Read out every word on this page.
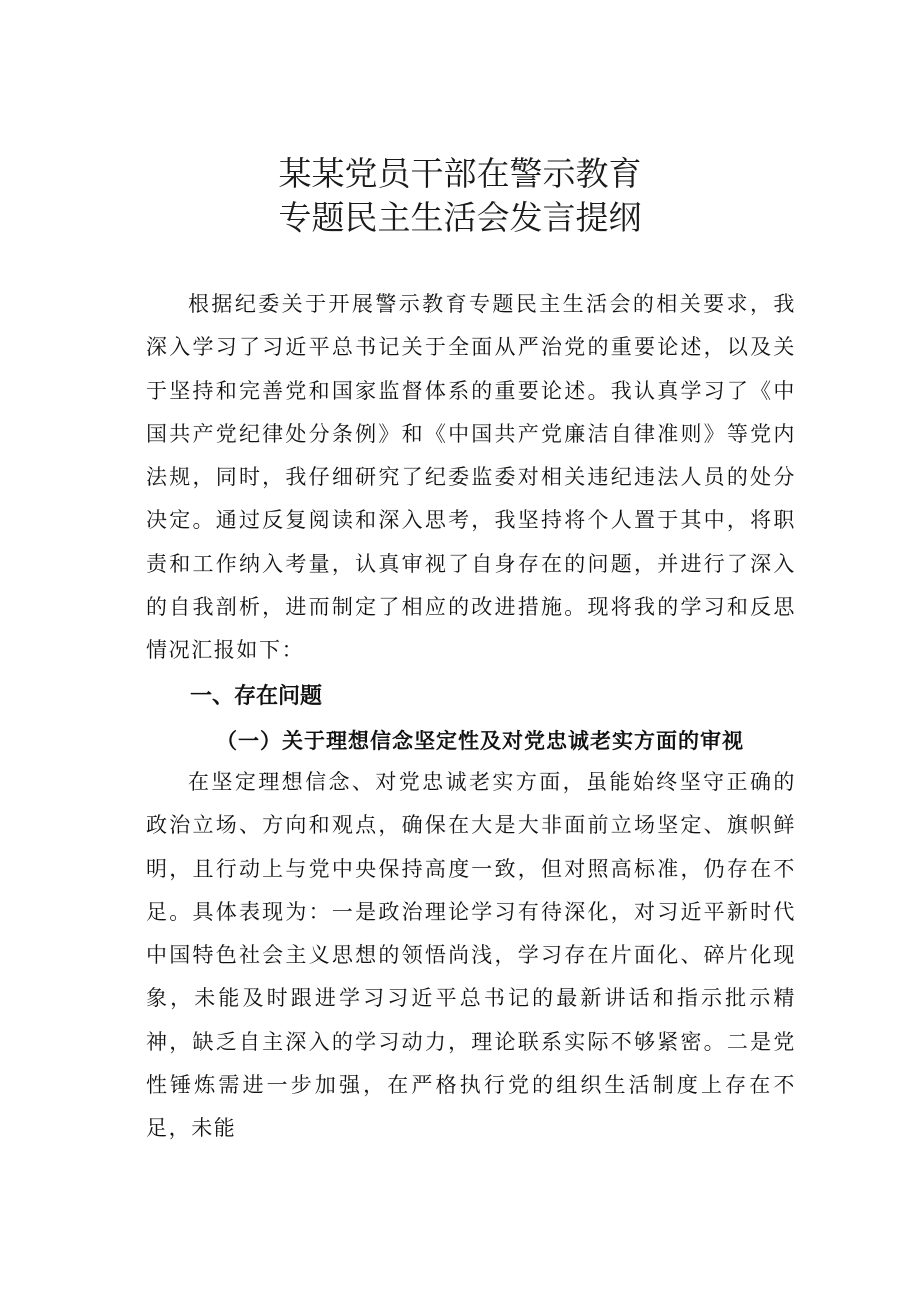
某某党员干部在警示教育
专题民主生活会发言提纲

根据纪委关于开展警示教育专题民主生活会的相关要求，我深入学习了习近平总书记关于全面从严治党的重要论述，以及关于坚持和完善党和国家监督体系的重要论述。我认真学习了《中国共产党纪律处分条例》和《中国共产党廉洁自律准则》等党内法规，同时，我仔细研究了纪委监委对相关违纪违法人员的处分决定。通过反复阅读和深入思考，我坚持将个人置于其中，将职责和工作纳入考量，认真审视了自身存在的问题，并进行了深入的自我剖析，进而制定了相应的改进措施。现将我的学习和反思情况汇报如下：

一、存在问题
（一）关于理想信念坚定性及对党忠诚老实方面的审视

在坚定理想信念、对党忠诚老实方面，虽能始终坚守正确的政治立场、方向和观点，确保在大是大非面前立场坚定、旗帜鲜明，且行动上与党中央保持高度一致，但对照高标准，仍存在不足。具体表现为：一是政治理论学习有待深化，对习近平新时代中国特色社会主义思想的领悟尚浅，学习存在片面化、碎片化现象，未能及时跟进学习习近平总书记的最新讲话和指示批示精神，缺乏自主深入的学习动力，理论联系实际不够紧密。二是党性锤炼需进一步加强，在严格执行党的组织生活制度上存在不足，未能
